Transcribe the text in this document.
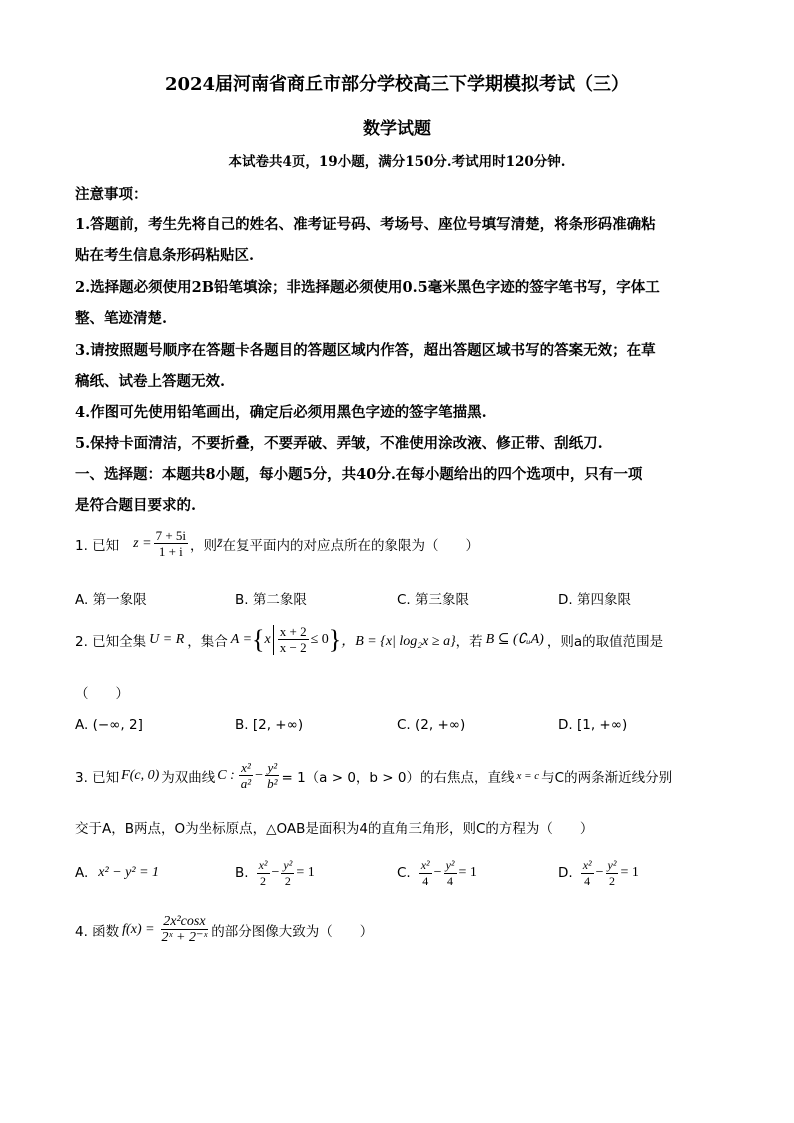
2024届河南省商丘市部分学校高三下学期模拟考试（三）
数学试题
本试卷共4页，19小题，满分150分.考试用时120分钟.
注意事项：
1.答题前，考生先将自己的姓名、准考证号码、考场号、座位号填写清楚，将条形码准确粘
贴在考生信息条形码粘贴区.
2.选择题必须使用2B铅笔填涂；非选择题必须使用0.5毫米黑色字迹的签字笔书写，字体工
整、笔迹清楚.
3.请按照题号顺序在答题卡各题目的答题区域内作答，超出答题区域书写的答案无效；在草
稿纸、试卷上答题无效.
4.作图可先使用铅笔画出，确定后必须用黑色字迹的签字笔描黑.
5.保持卡面清洁，不要折叠，不要弄破、弄皱，不准使用涂改液、修正带、刮纸刀.
一、选择题：本题共8小题，每小题5分，共40分.在每小题给出的四个选项中，只有一项
是符合题目要求的.
1. 已知 $z = \frac{7 + 5i}{1 + i}$ ，则 z̄ 在复平面内的对应点所在的象限为（　　）
A. 第一象限	B. 第二象限	C. 第三象限	D. 第四象限
2. 已知全集 U = R ，集合 A = { x $\frac{x + 2}{x - 2} \le 0$ } ，B = {x| log₂x ≥ a} ，若 B ⊆ (∁ᵤA) ，则a的取值范围是
（　　）
A. (−∞, 2]	B. [2, +∞)	C. (2, +∞)	D. [1, +∞)
3. 已知 F(c, 0) 为双曲线 C : $\frac{\text{x²}}{\text{a²}} - \frac{\text{y²}}{\text{b²}} = 1(a > 0$，b > 0）的右焦点，直线 x = c 与C的两条渐近线分别
交于A，B两点，O为坐标原点，△OAB是面积为4的直角三角形，则C的方程为（　　）
A. x² − y² = 1	B. $\frac{\text{x²}}{2} - \frac{\text{y²}}{2} = 1$	C. $\frac{\text{x²}}{4} - \frac{\text{y²}}{4} = 1$	D. $\frac{\text{x²}}{4} - \frac{\text{y²}}{2} = 1$
4. 函数 $f(x) = \frac{\text{2x²cosx}}{\text{2ˣ + 2⁻ˣ}}$ 的部分图像大致为（　　）
